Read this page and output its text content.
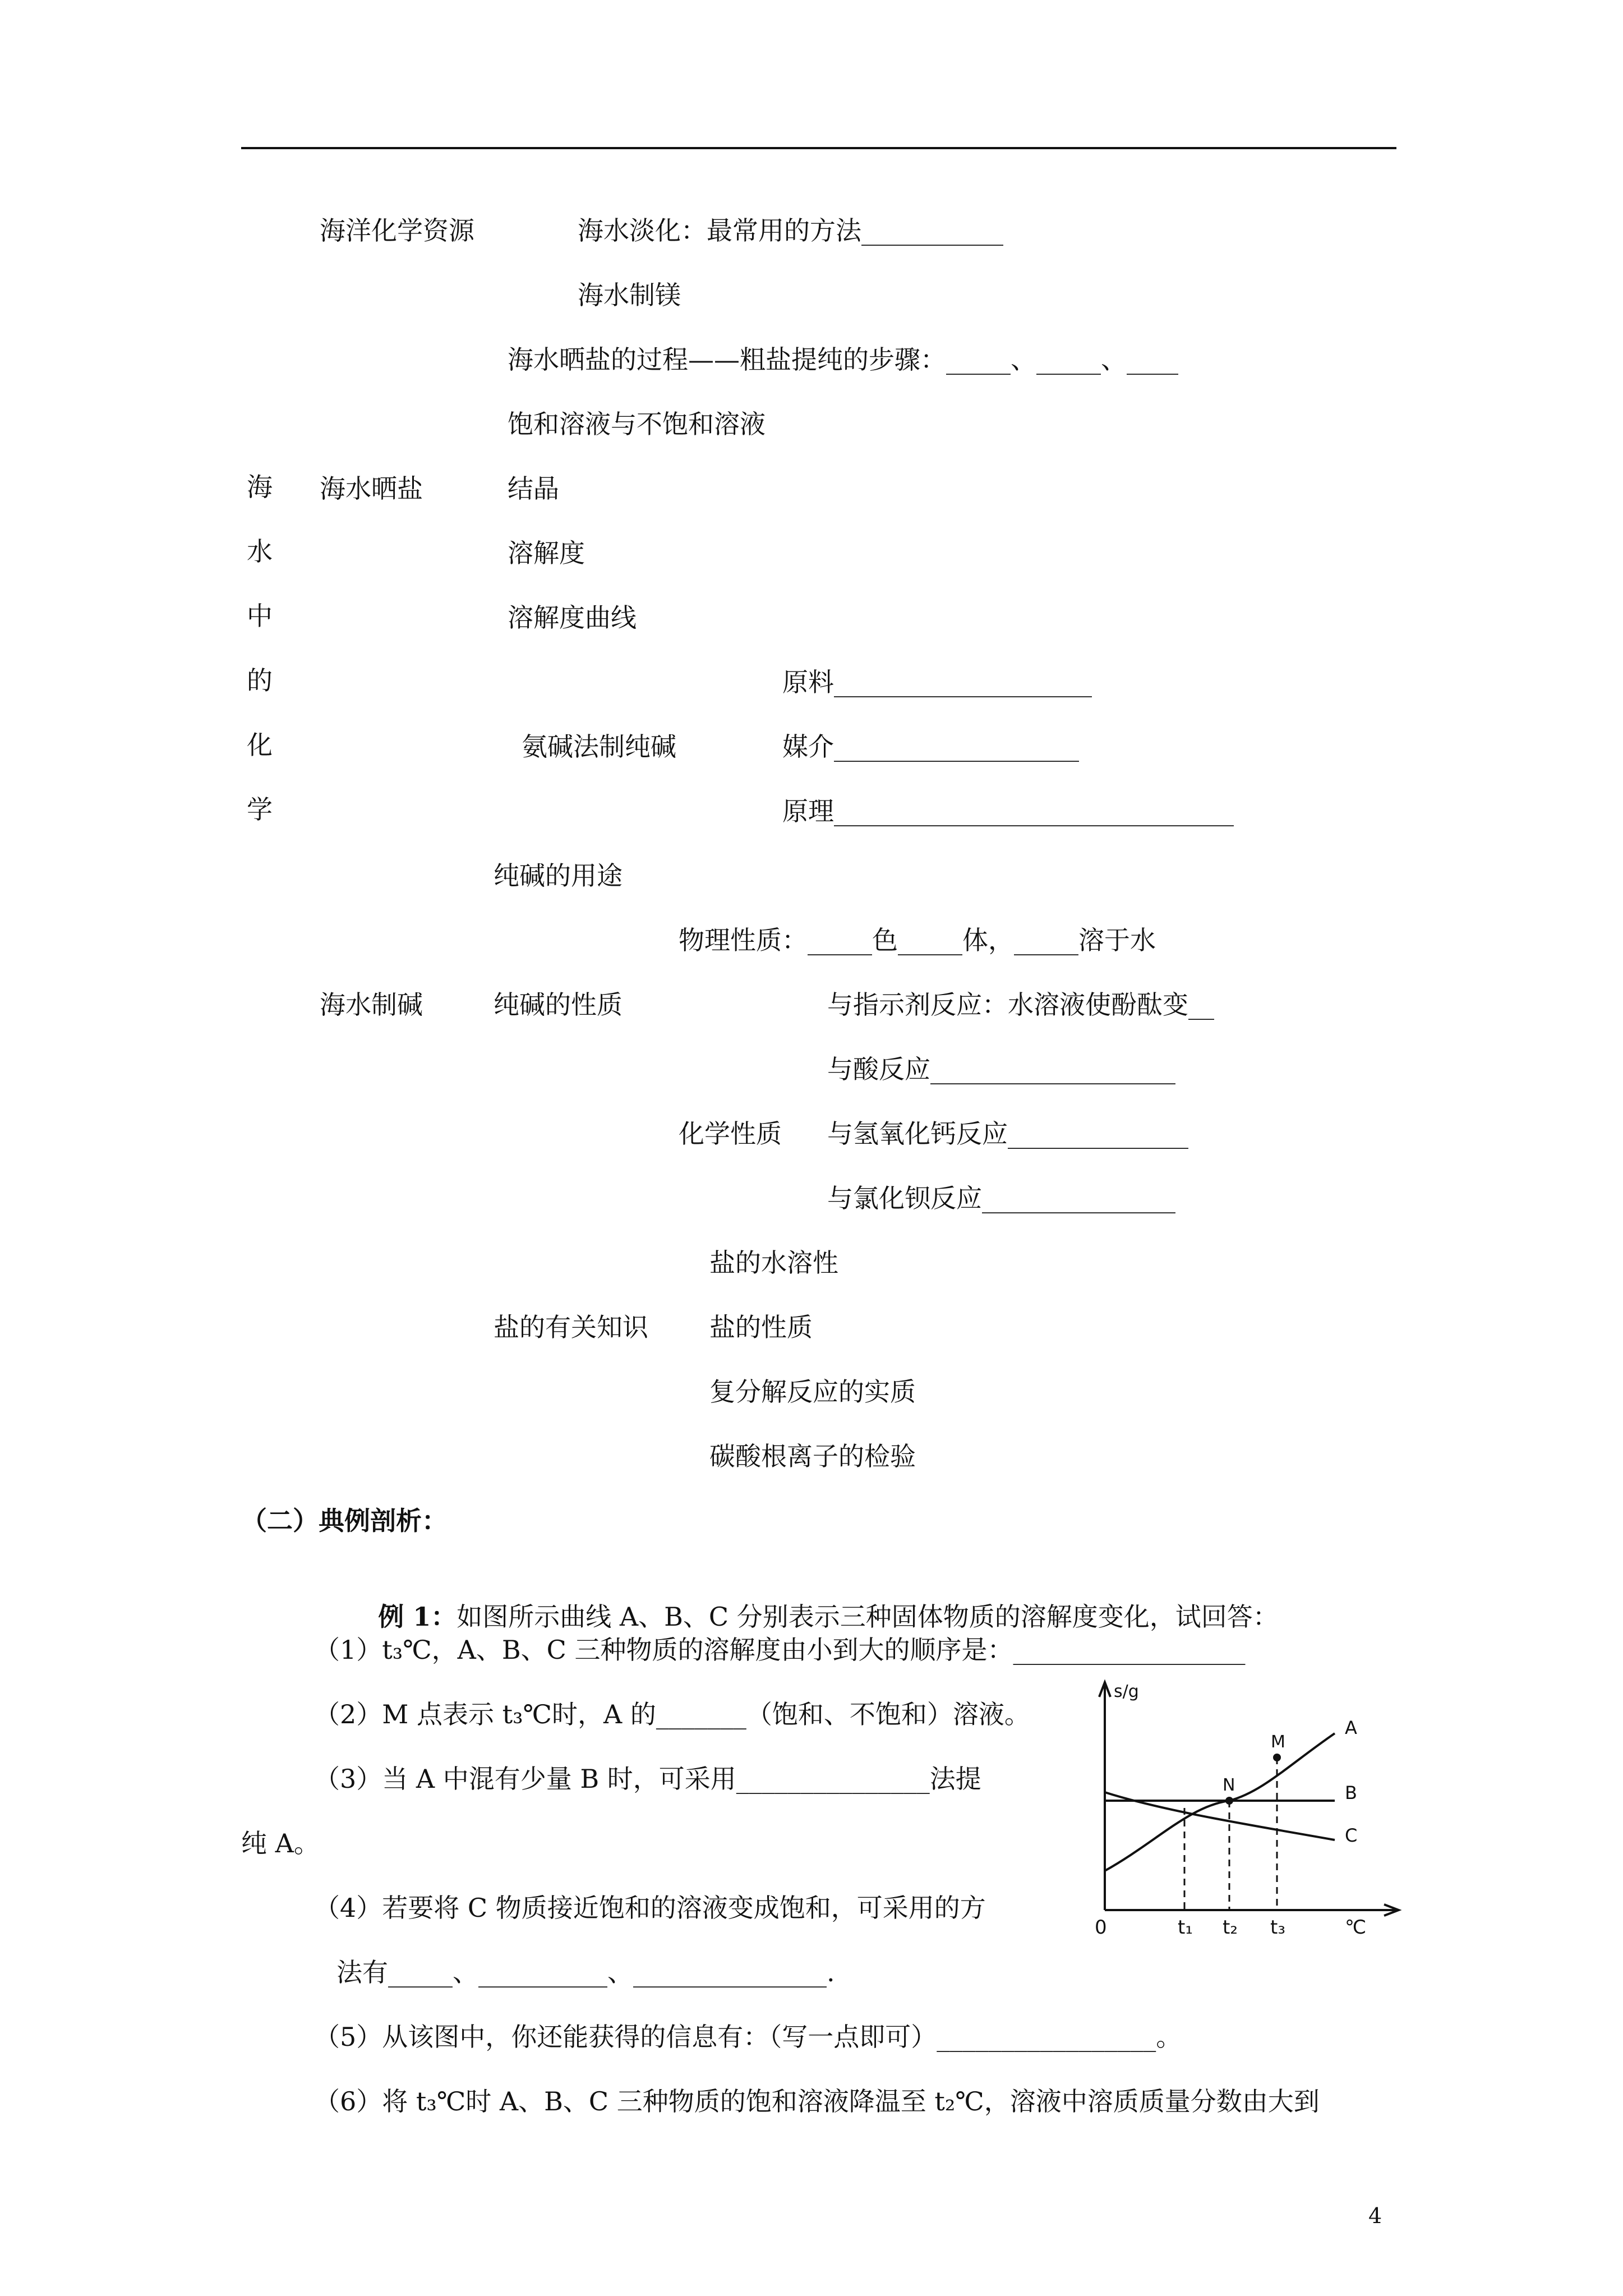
海
水
中
的
化
学
海洋化学资源	海水淡化：最常用的方法___________
海水制镁
海水晒盐的过程——粗盐提纯的步骤：_____、_____、____
饱和溶液与不饱和溶液
海水晒盐	结晶
溶解度
溶解度曲线
原料____________________
氨碱法制纯碱	媒介___________________
原理_______________________________
纯碱的用途
物理性质：_____色_____体，_____溶于水
海水制碱	纯碱的性质	与指示剂反应：水溶液使酚酞变__
与酸反应___________________
化学性质 与氢氧化钙反应______________
与氯化钡反应_______________
盐的水溶性
盐的有关知识 盐的性质
复分解反应的实质
碳酸根离子的检验
（二）典例剖析：

例 1：如图所示曲线 A、B、C 分别表示三种固体物质的溶解度变化，试回答：

（1）t₃℃，A、B、C 三种物质的溶解度由小到大的顺序是：__________________
（2）M 点表示 t₃℃时，A 的_______（饱和、不饱和）溶液。
（3）当 A 中混有少量 B 时，可采用_______________法提
纯 A。
（4）若要将 C 物质接近饱和的溶液变成饱和，可采用的方
法有_____、__________、_______________.
（5）从该图中，你还能获得的信息有：（写一点即可）_________________。
（6）将 t₃℃时 A、B、C 三种物质的饱和溶液降温至 t₂℃，溶液中溶质质量分数由大到
s/g
0	℃
t₁ t₂ t₃
M
N
A
B
C
4
